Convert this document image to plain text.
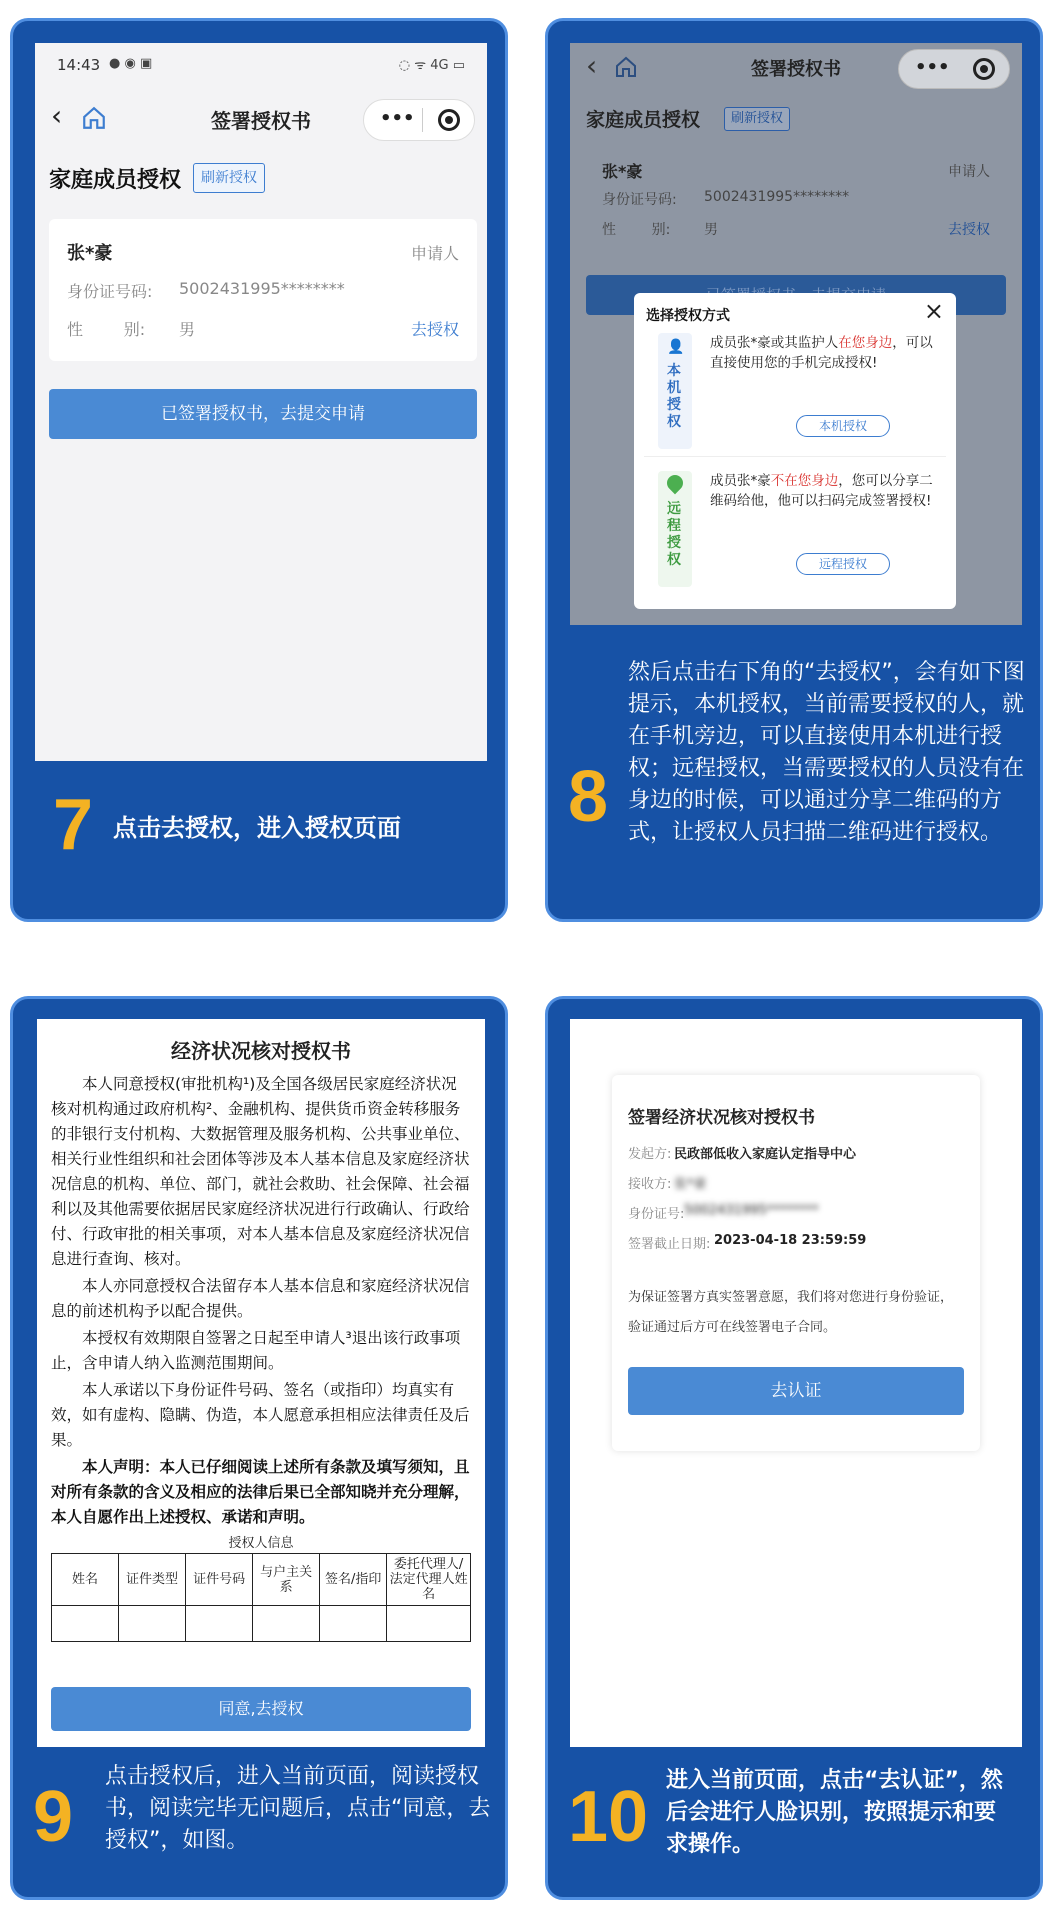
14:43 ● ◉ ▣	◌ ᯤ 4G ▭
‹	签署授权书	•••
家庭成员授权	刷新授权
张*豪	申请人
身份证号码: 5002431995********
性        别: 男	去授权
已签署授权书，去提交申请
7 点击去授权，进入授权页面
‹	签署授权书	•••
家庭成员授权	刷新授权
张*豪	申请人
身份证号码: 5002431995********
性        别: 男	去授权
选择授权方式	×
👤
本机授权
成员张*豪或其监护人在您身边，可以直接使用您的手机完成授权!
本机授权
远程授权
成员张*豪不在您身边，您可以分享二维码给他，他可以扫码完成签署授权!
远程授权
8
然后点击右下角的“去授权”，会有如下图提示，本机授权，当前需要授权的人，就在手机旁边，可以直接使用本机进行授权；远程授权，当需要授权的人员没有在身边的时候，可以通过分享二维码的方式，让授权人员扫描二维码进行授权。
经济状况核对授权书

本人同意授权(审批机构¹)及全国各级居民家庭经济状况核对机构通过政府机构²、金融机构、提供货币资金转移服务的非银行支付机构、大数据管理及服务机构、公共事业单位、相关行业性组织和社会团体等涉及本人基本信息及家庭经济状况信息的机构、单位、部门，就社会救助、社会保障、社会福利以及其他需要依据居民家庭经济状况进行行政确认、行政给付、行政审批的相关事项，对本人基本信息及家庭经济状况信息进行查询、核对。

本人亦同意授权合法留存本人基本信息和家庭经济状况信息的前述机构予以配合提供。

本授权有效期限自签署之日起至申请人³退出该行政事项止，含申请人纳入监测范围期间。

本人承诺以下身份证件号码、签名（或指印）均真实有效，如有虚构、隐瞒、伪造，本人愿意承担相应法律责任及后果。

本人声明：本人已仔细阅读上述所有条款及填写须知，且对所有条款的含义及相应的法律后果已全部知晓并充分理解，本人自愿作出上述授权、承诺和声明。

授权人信息
姓名	证件类型	证件号码	与户主关系	签名/指印	委托代理人/法定代理人姓名

同意,去授权
9
点击授权后，进入当前页面，阅读授权书，阅读完毕无问题后，点击“同意，去授权”，如图。
签署经济状况核对授权书
发起方: 民政部低收入家庭认定指导中心
接收方: 张*豪
身份证号: 5002431995********
签署截止日期: 2023-04-18 23:59:59
为保证签署方真实签署意愿，我们将对您进行身份验证，验证通过后方可在线签署电子合同。
去认证
10 进入当前页面，点击“去认证”，然后会进行人脸识别，按照提示和要求操作。
